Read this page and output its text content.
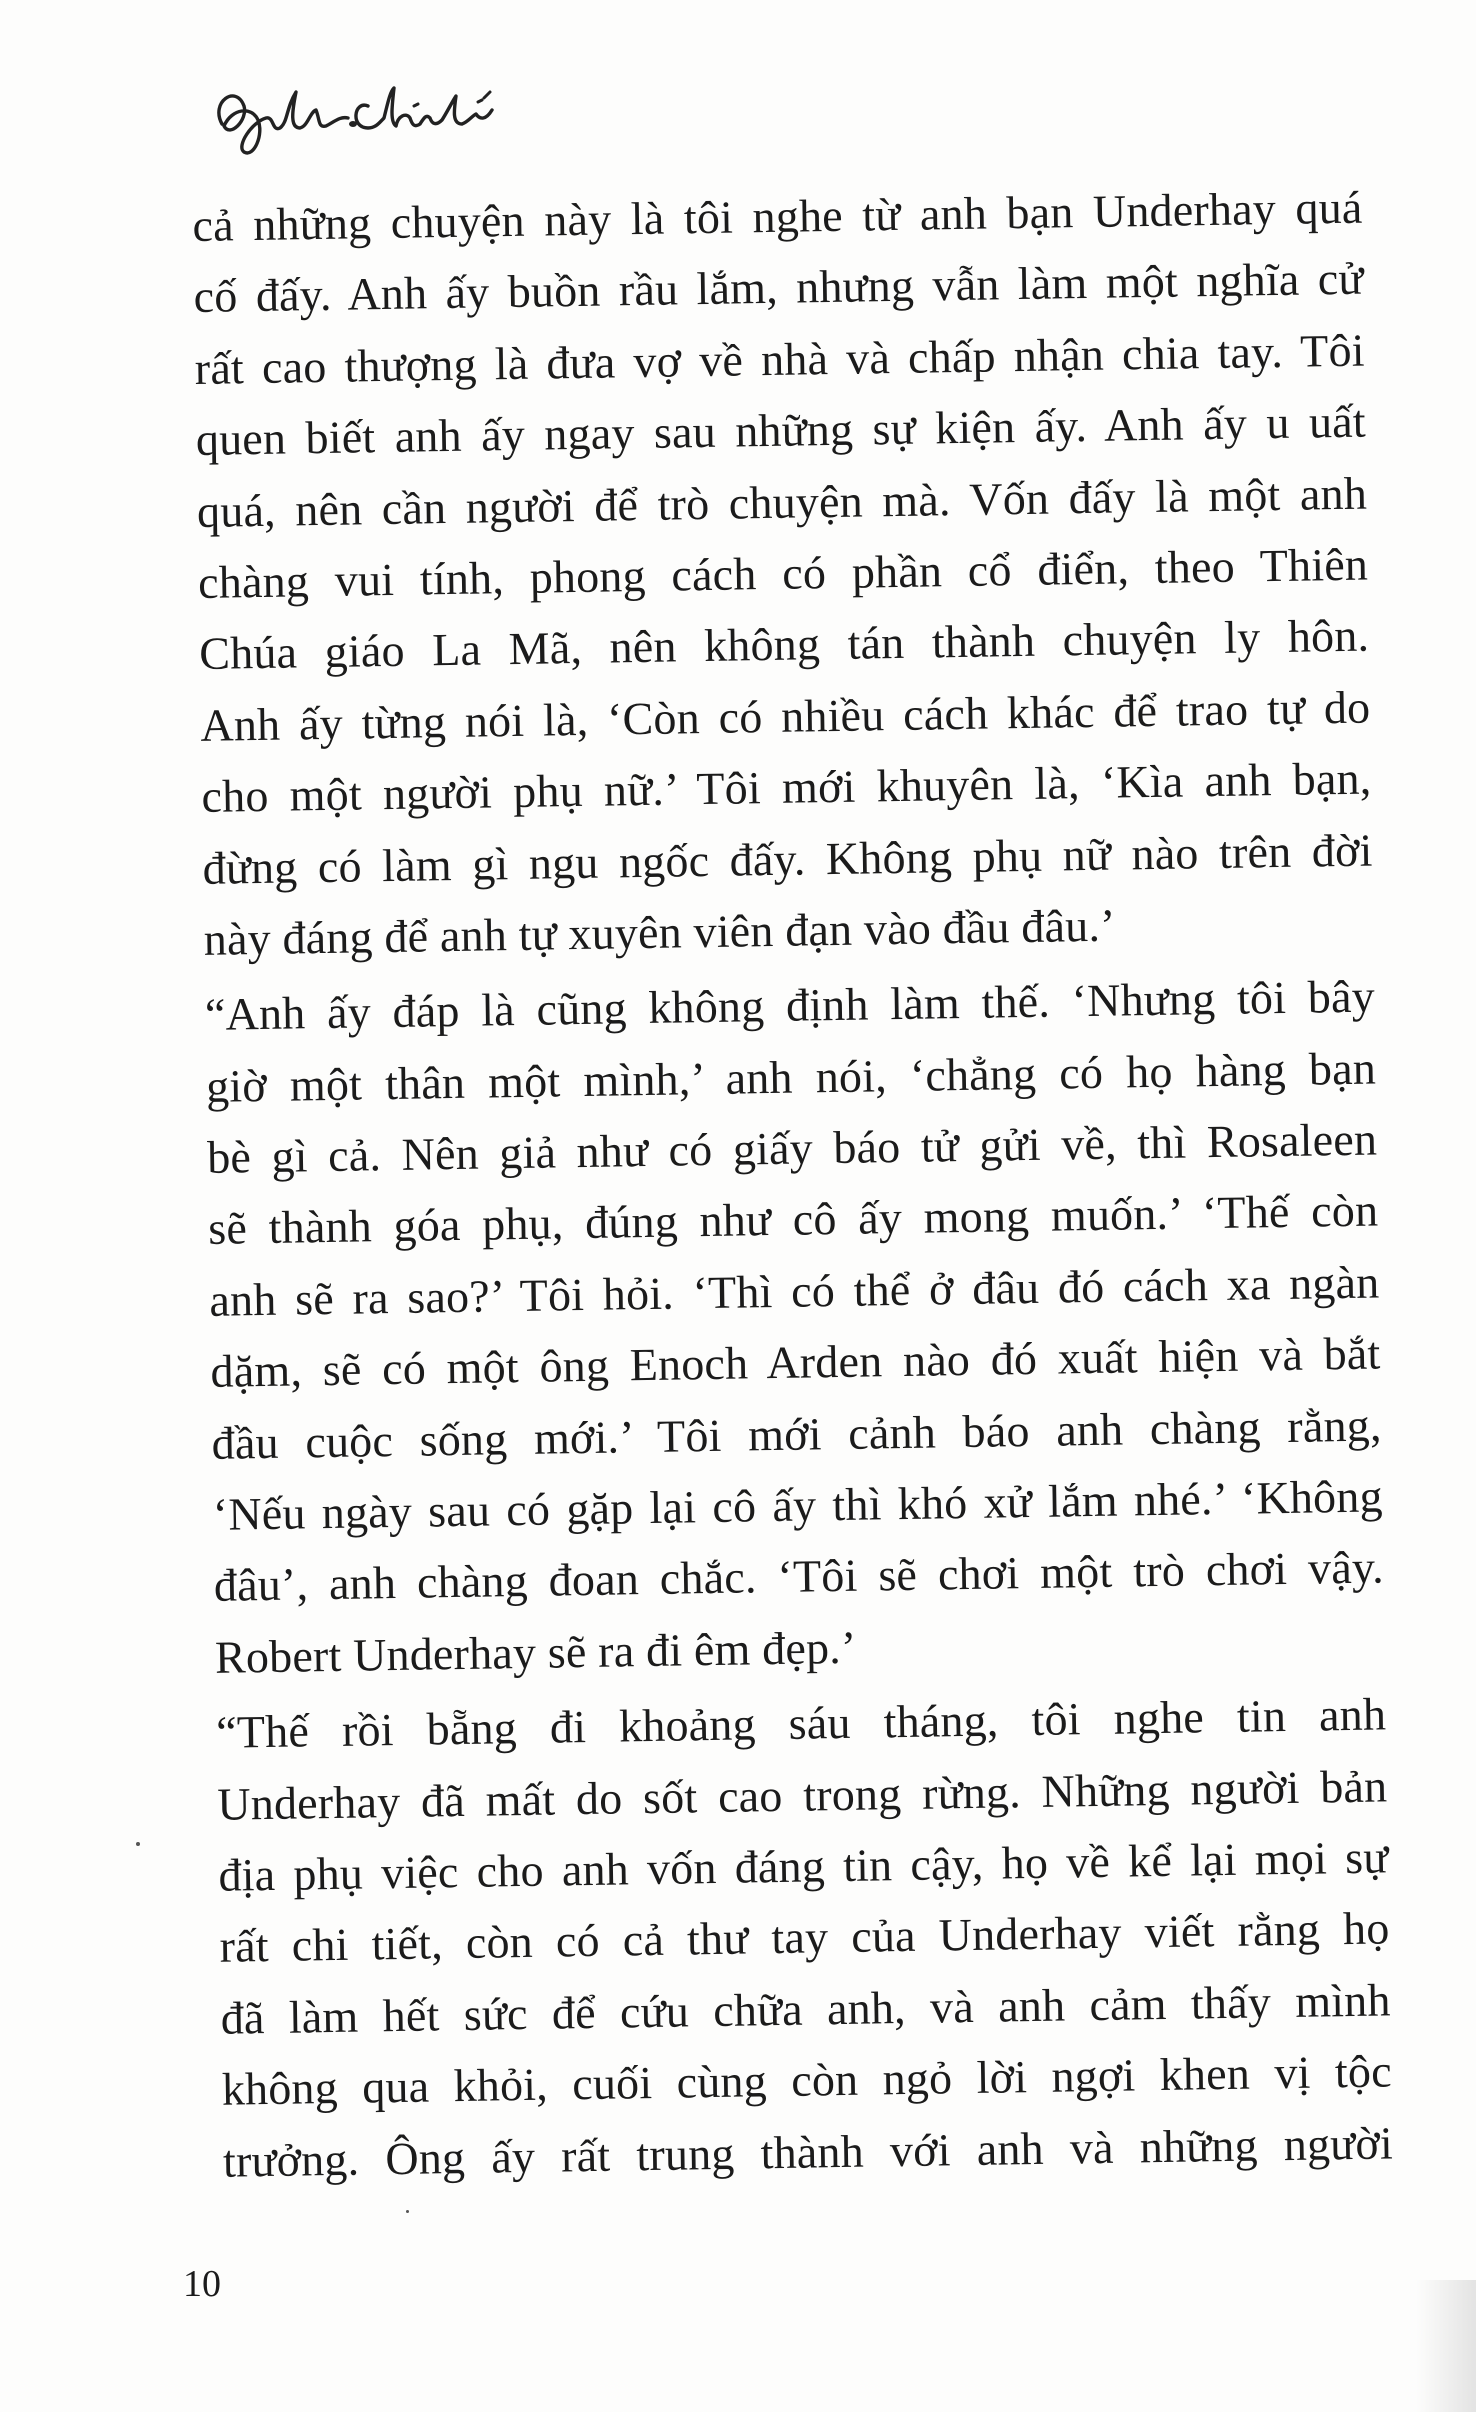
cả những chuyện này là tôi nghe từ anh bạn Underhay quá
cố đấy. Anh ấy buồn rầu lắm, nhưng vẫn làm một nghĩa cử
rất cao thượng là đưa vợ về nhà và chấp nhận chia tay. Tôi
quen biết anh ấy ngay sau những sự kiện ấy. Anh ấy u uất
quá, nên cần người để trò chuyện mà. Vốn đấy là một anh
chàng vui tính, phong cách có phần cổ điển, theo Thiên
Chúa giáo La Mã, nên không tán thành chuyện ly hôn.
Anh ấy từng nói là, ‘Còn có nhiều cách khác để trao tự do
cho một người phụ nữ.’ Tôi mới khuyên là, ‘Kìa anh bạn,
đừng có làm gì ngu ngốc đấy. Không phụ nữ nào trên đời
này đáng để anh tự xuyên viên đạn vào đầu đâu.’
“Anh ấy đáp là cũng không định làm thế. ‘Nhưng tôi bây
giờ một thân một mình,’ anh nói, ‘chẳng có họ hàng bạn
bè gì cả. Nên giả như có giấy báo tử gửi về, thì Rosaleen
sẽ thành góa phụ, đúng như cô ấy mong muốn.’ ‘Thế còn
anh sẽ ra sao?’ Tôi hỏi. ‘Thì có thể ở đâu đó cách xa ngàn
dặm, sẽ có một ông Enoch Arden nào đó xuất hiện và bắt
đầu cuộc sống mới.’ Tôi mới cảnh báo anh chàng rằng,
‘Nếu ngày sau có gặp lại cô ấy thì khó xử lắm nhé.’ ‘Không
đâu’, anh chàng đoan chắc. ‘Tôi sẽ chơi một trò chơi vậy.
Robert Underhay sẽ ra đi êm đẹp.’
“Thế rồi bẵng đi khoảng sáu tháng, tôi nghe tin anh
Underhay đã mất do sốt cao trong rừng. Những người bản
địa phụ việc cho anh vốn đáng tin cậy, họ về kể lại mọi sự
rất chi tiết, còn có cả thư tay của Underhay viết rằng họ
đã làm hết sức để cứu chữa anh, và anh cảm thấy mình
không qua khỏi, cuối cùng còn ngỏ lời ngợi khen vị tộc
trưởng. Ông ấy rất trung thành với anh và những người
10
